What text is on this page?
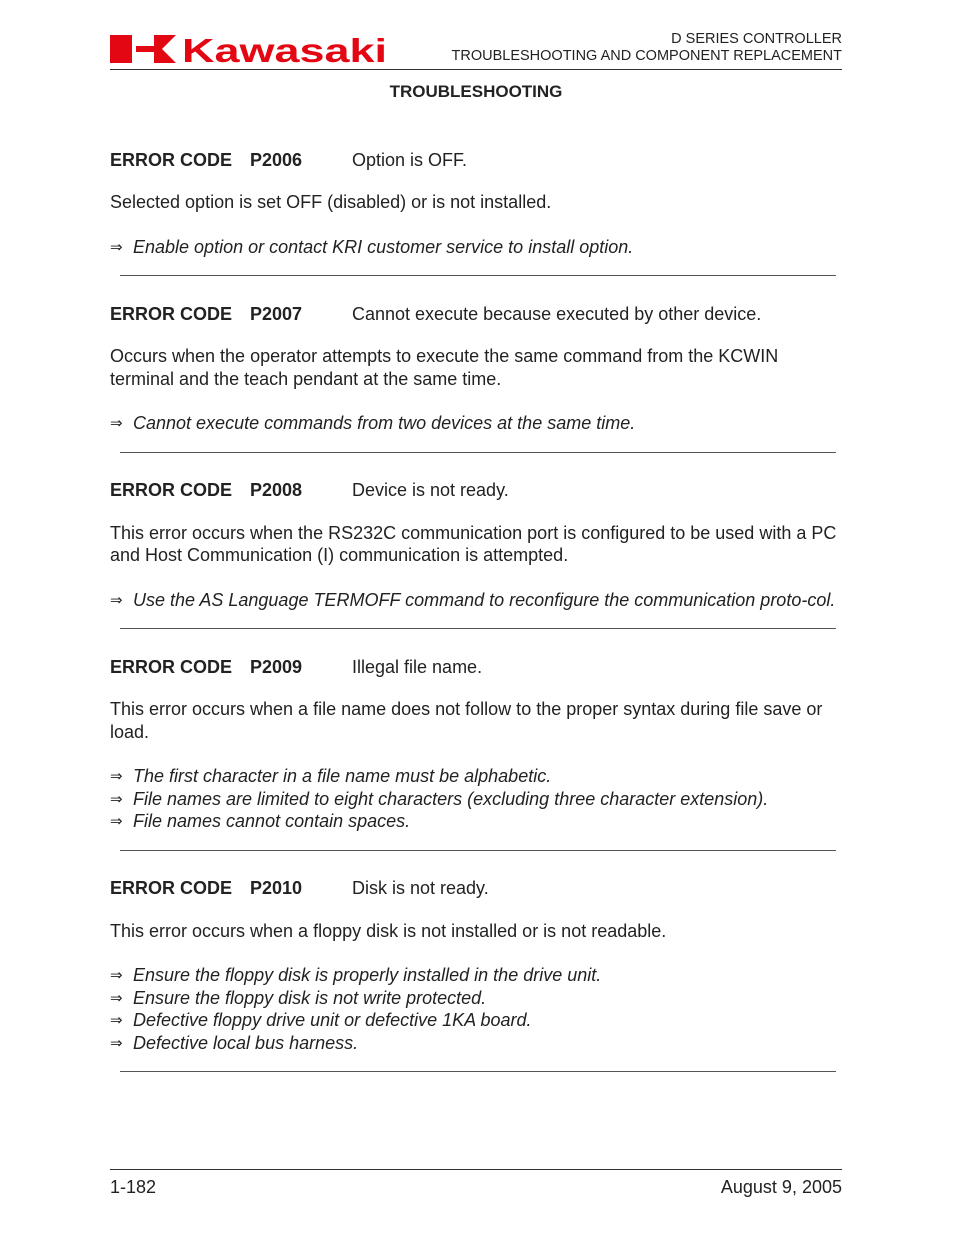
Kawasaki	D SERIES CONTROLLER
TROUBLESHOOTING AND COMPONENT REPLACEMENT
TROUBLESHOOTING
ERROR CODE P2006	Option is OFF.
Selected option is set OFF (disabled) or is not installed.
⇒ Enable option or contact KRI customer service to install option.
ERROR CODE P2007	Cannot execute because executed by other device.
Occurs when the operator attempts to execute the same command from the KCWIN terminal and the teach pendant at the same time.
⇒ Cannot execute commands from two devices at the same time.
ERROR CODE P2008	Device is not ready.
This error occurs when the RS232C communication port is configured to be used with a PC and Host Communication (I) communication is attempted.
⇒ Use the AS Language TERMOFF command to reconfigure the communication proto-col.
ERROR CODE P2009	Illegal file name.
This error occurs when a file name does not follow to the proper syntax during file save or load.
⇒ The first character in a file name must be alphabetic.
⇒ File names are limited to eight characters (excluding three character extension).
⇒ File names cannot contain spaces.
ERROR CODE P2010	Disk is not ready.
This error occurs when a floppy disk is not installed or is not readable.
⇒ Ensure the floppy disk is properly installed in the drive unit.
⇒ Ensure the floppy disk is not write protected.
⇒ Defective floppy drive unit or defective 1KA board.
⇒ Defective local bus harness.
1-182	August 9, 2005
